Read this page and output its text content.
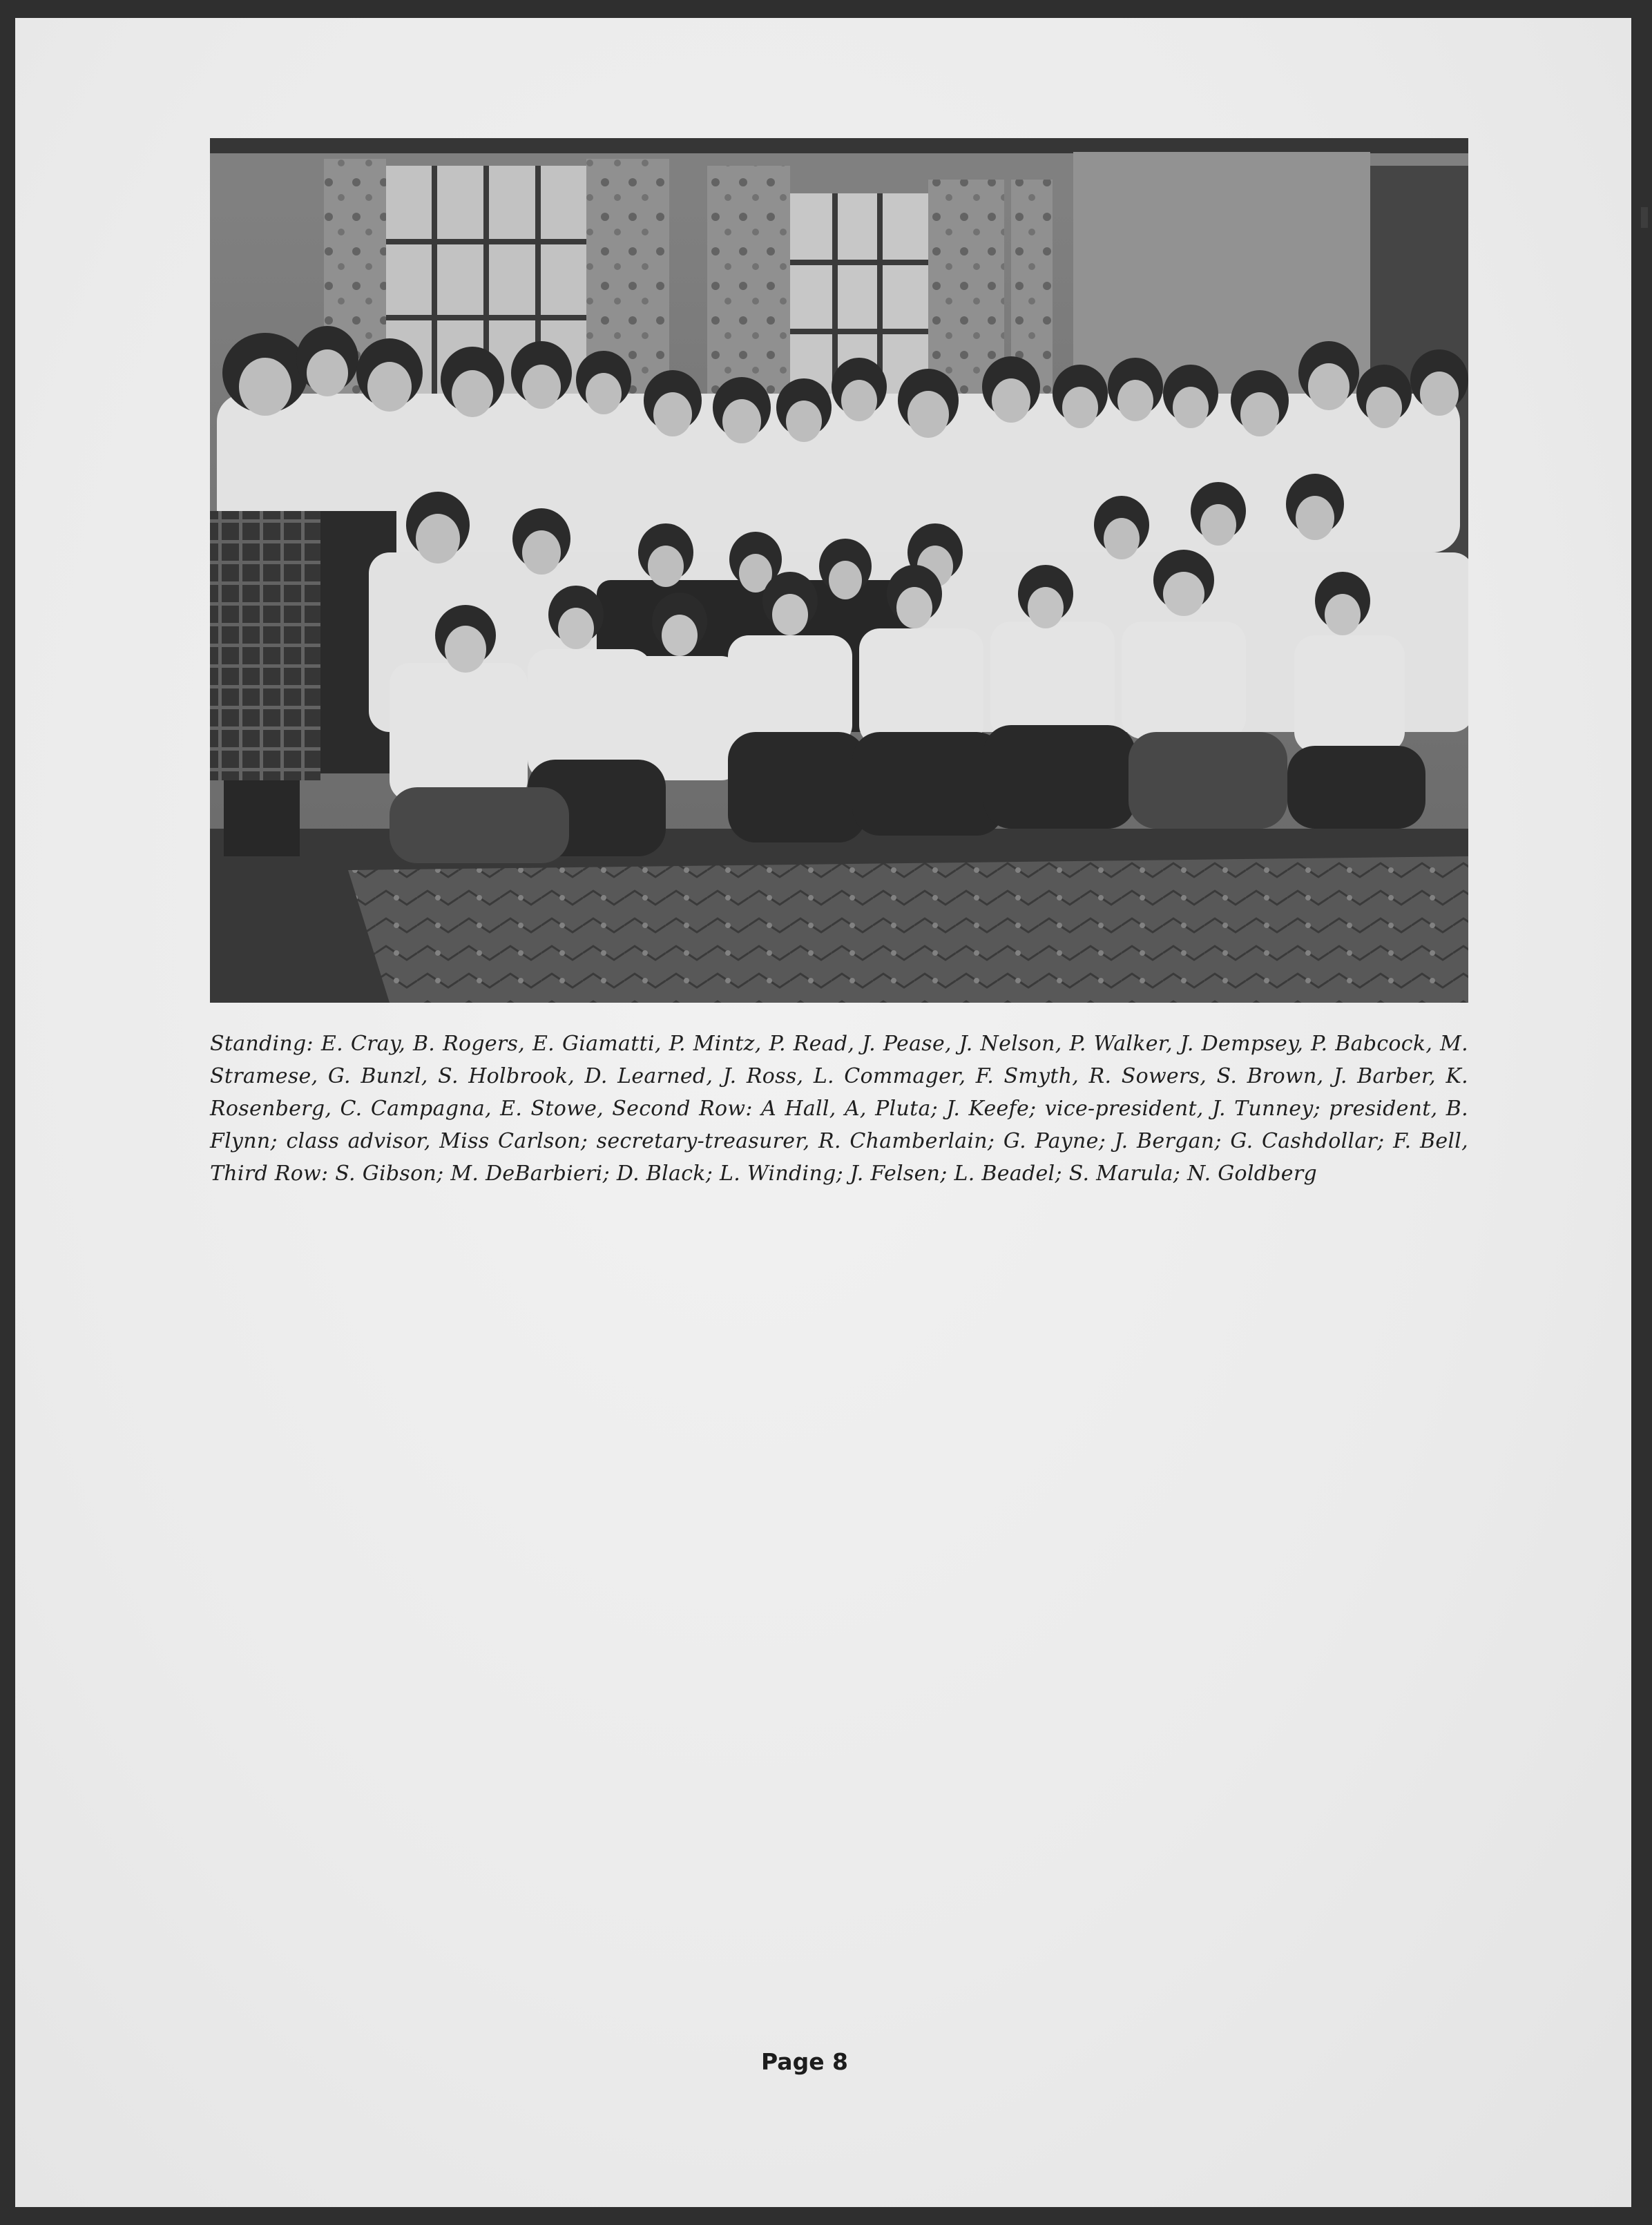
Standing: E. Cray, B. Rogers, E. Giamatti, P. Mintz, P. Read, J. Pease, J. Nelson, P. Walker, J. Dempsey, P. Babcock, M. Stramese, G. Bunzl, S. Holbrook, D. Learned, J. Ross, L. Commager, F. Smyth, R. Sowers, S. Brown, J. Barber, K. Rosenberg, C. Campagna, E. Stowe, Second Row: A Hall, A, Pluta; J. Keefe; vice-president, J. Tunney; president, B. Flynn; class advisor, Miss Carlson; secretary-treasurer, R. Chamberlain; G. Payne; J. Bergan; G. Cashdollar; F. Bell, Third Row: S. Gibson; M. DeBarbieri; D. Black; L. Winding; J. Felsen; L. Beadel; S. Marula; N. Goldberg

Page 8
